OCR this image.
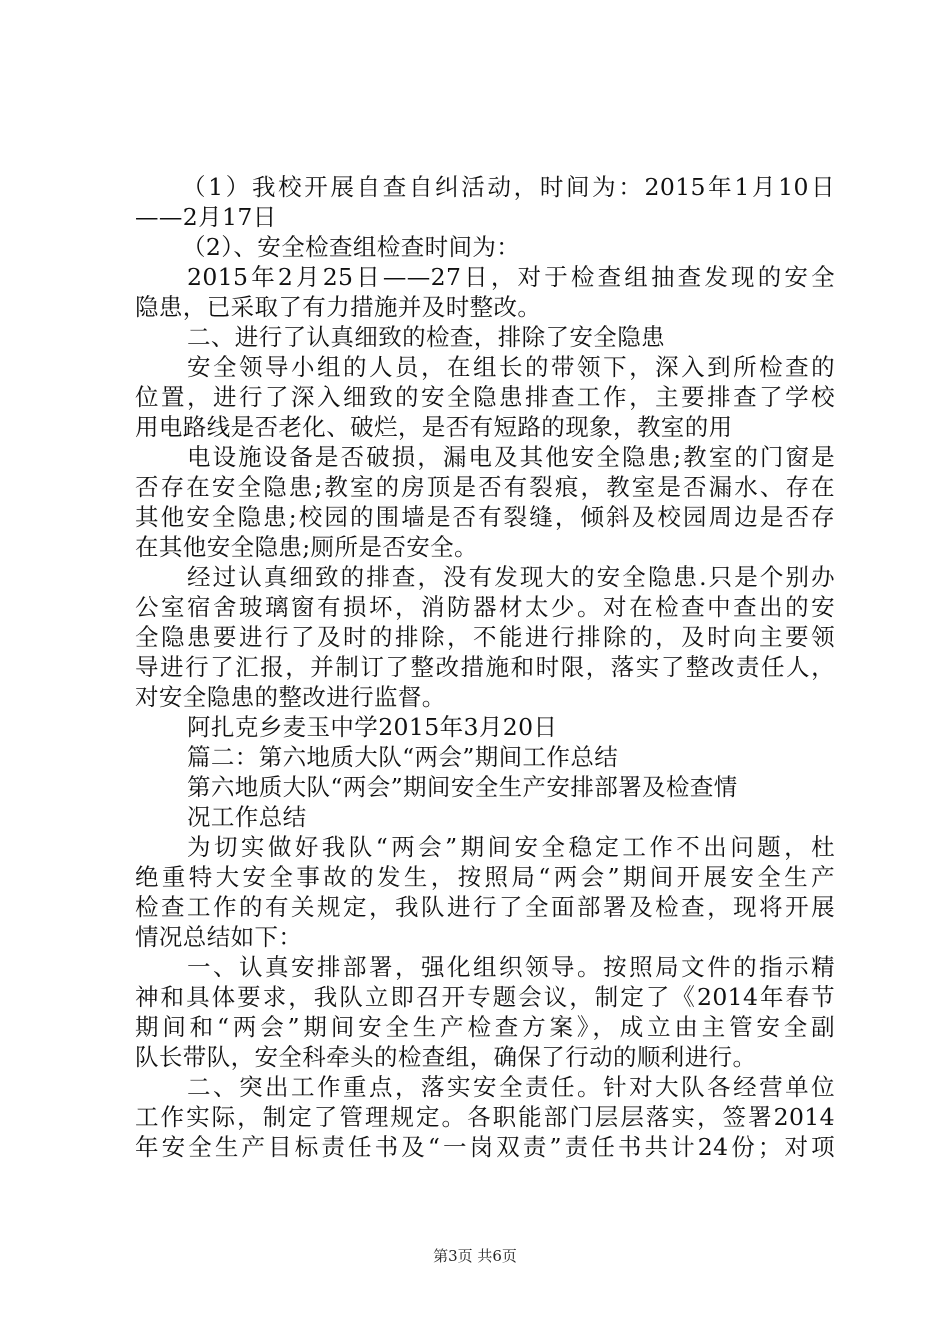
（1）我校开展自查自纠活动，时间为：2015年1月10日
——2月17日
（2）、安全检查组检查时间为：
2015年2月25日——27日，对于检查组抽查发现的安全
隐患，已采取了有力措施并及时整改。
二、进行了认真细致的检查，排除了安全隐患
安全领导小组的人员，在组长的带领下，深入到所检查的
位置，进行了深入细致的安全隐患排查工作，主要排查了学校
用电路线是否老化、破烂，是否有短路的现象，教室的用
电设施设备是否破损，漏电及其他安全隐患;教室的门窗是
否存在安全隐患;教室的房顶是否有裂痕，教室是否漏水、存在
其他安全隐患;校园的围墙是否有裂缝，倾斜及校园周边是否存
在其他安全隐患;厕所是否安全。
经过认真细致的排查，没有发现大的安全隐患.只是个别办
公室宿舍玻璃窗有损坏，消防器材太少。对在检查中查出的安
全隐患要进行了及时的排除，不能进行排除的，及时向主要领
导进行了汇报，并制订了整改措施和时限，落实了整改责任人，
对安全隐患的整改进行监督。
阿扎克乡麦玉中学2015年3月20日
篇二：第六地质大队“两会”期间工作总结
第六地质大队“两会”期间安全生产安排部署及检查情
况工作总结
为切实做好我队“两会”期间安全稳定工作不出问题，杜
绝重特大安全事故的发生，按照局“两会”期间开展安全生产
检查工作的有关规定，我队进行了全面部署及检查，现将开展
情况总结如下：
一、认真安排部署，强化组织领导。按照局文件的指示精
神和具体要求，我队立即召开专题会议，制定了《2014年春节
期间和“两会”期间安全生产检查方案》，成立由主管安全副
队长带队，安全科牵头的检查组，确保了行动的顺利进行。
二、突出工作重点，落实安全责任。针对大队各经营单位
工作实际，制定了管理规定。各职能部门层层落实，签署2014
年安全生产目标责任书及“一岗双责”责任书共计24份；对项
第3页 共6页
